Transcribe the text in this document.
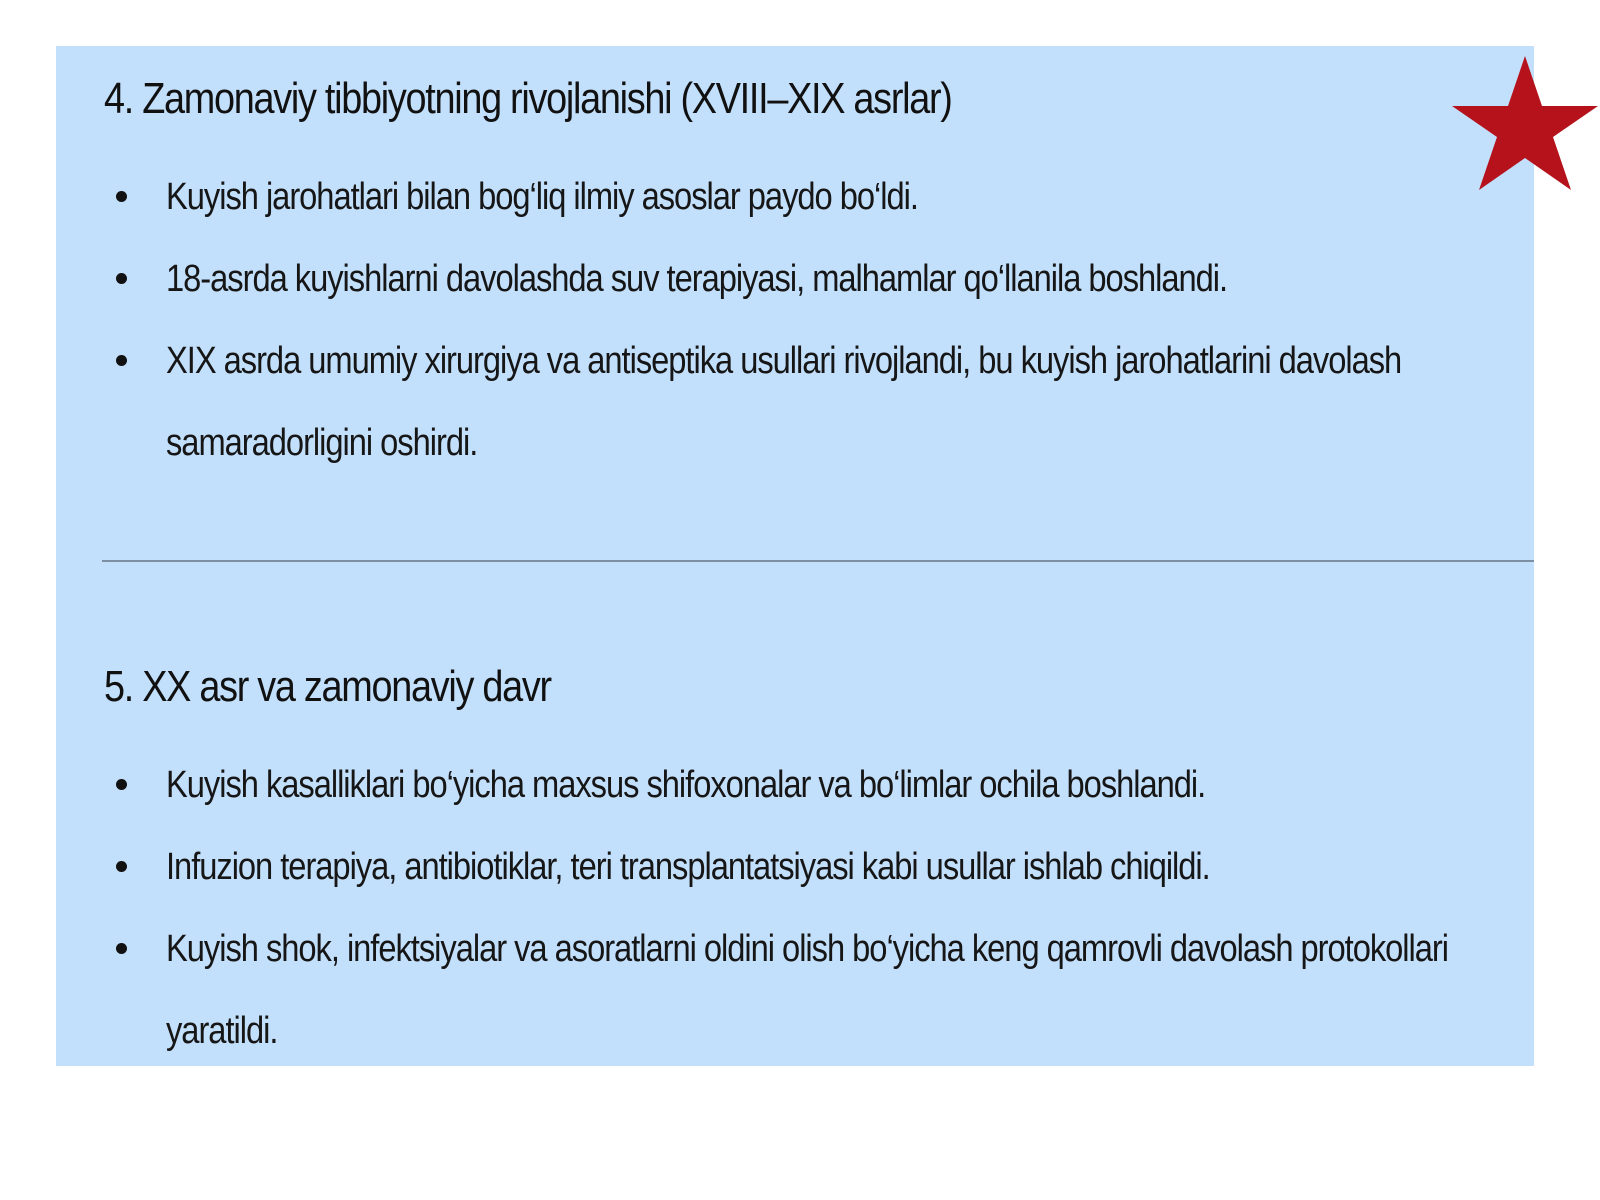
4. Zamonaviy tibbiyotning rivojlanishi (XVIII–XIX asrlar)
Kuyish jarohatlari bilan bog‘liq ilmiy asoslar paydo bo‘ldi.
18-asrda kuyishlarni davolashda suv terapiyasi, malhamlar qo‘llanila boshlandi.
XIX asrda umumiy xirurgiya va antiseptika usullari rivojlandi, bu kuyish jarohatlarini davolash samaradorligini oshirdi.
5. XX asr va zamonaviy davr
Kuyish kasalliklari bo‘yicha maxsus shifoxonalar va bo‘limlar ochila boshlandi.
Infuzion terapiya, antibiotiklar, teri transplantatsiyasi kabi usullar ishlab chiqildi.
Kuyish shok, infektsiyalar va asoratlarni oldini olish bo‘yicha keng qamrovli davolash protokollari yaratildi.
